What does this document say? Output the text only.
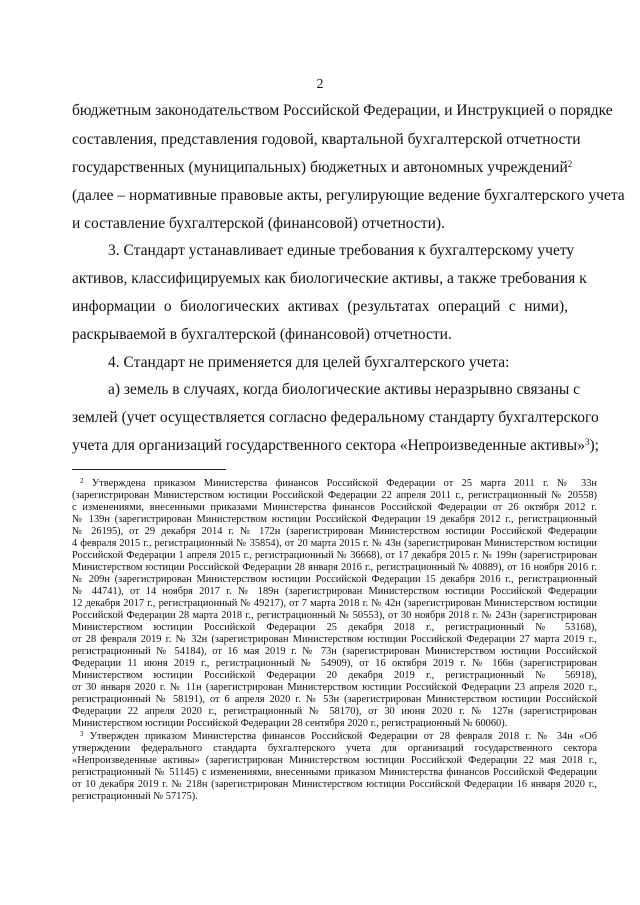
2
бюджетным законодательством Российской Федерации, и Инструкцией о порядке
составления, представления годовой, квартальной бухгалтерской отчетности
государственных (муниципальных) бюджетных и автономных учреждений$^2$
(далее – нормативные правовые акты, регулирующие ведение бухгалтерского учета
и составление бухгалтерской (финансовой) отчетности).
3. Стандарт устанавливает единые требования к бухгалтерскому учету
активов, классифицируемых как биологические активы, а также требования к
информации о биологических активах (результатах операций с ними),
раскрываемой в бухгалтерской (финансовой) отчетности.
4. Стандарт не применяется для целей бухгалтерского учета:
а) земель в случаях, когда биологические активы неразрывно связаны с
землей (учет осуществляется согласно федеральному стандарту бухгалтерского
учета для организаций государственного сектора «Непроизведенные активы»$^3$);
$^2$ Утверждена приказом Министерства финансов Российской Федерации от 25 марта 2011 г. № 33н
(зарегистрирован Министерством юстиции Российской Федерации 22 апреля 2011 г., регистрационный № 20558)
с изменениями, внесенными приказами Министерства финансов Российской Федерации от 26 октября 2012 г.
№ 139н (зарегистрирован Министерством юстиции Российской Федерации 19 декабря 2012 г., регистрационный
№ 26195), от 29 декабря 2014 г. № 172н (зарегистрирован Министерством юстиции Российской Федерации
4 февраля 2015 г., регистрационный № 35854), от 20 марта 2015 г. № 43н (зарегистрирован Министерством юстиции
Российской Федерации 1 апреля 2015 г., регистрационный № 36668), от 17 декабря 2015 г. № 199н (зарегистрирован
Министерством юстиции Российской Федерации 28 января 2016 г., регистрационный № 40889), от 16 ноября 2016 г.
№ 209н (зарегистрирован Министерством юстиции Российской Федерации 15 декабря 2016 г., регистрационный
№ 44741), от 14 ноября 2017 г. № 189н (зарегистрирован Министерством юстиции Российской Федерации
12 декабря 2017 г., регистрационный № 49217), от 7 марта 2018 г. № 42н (зарегистрирован Министерством юстиции
Российской Федерации 28 марта 2018 г., регистрационный № 50553), от 30 ноября 2018 г. № 243н (зарегистрирован
Министерством юстиции Российской Федерации 25 декабря 2018 г., регистрационный № 53168),
от 28 февраля 2019 г. № 32н (зарегистрирован Министерством юстиции Российской Федерации 27 марта 2019 г.,
регистрационный № 54184), от 16 мая 2019 г. № 73н (зарегистрирован Министерством юстиции Российской
Федерации 11 июня 2019 г., регистрационный № 54909), от 16 октября 2019 г. № 166н (зарегистрирован
Министерством юстиции Российской Федерации 20 декабря 2019 г., регистрационный № 56918),
от 30 января 2020 г. № 11н (зарегистрирован Министерством юстиции Российской Федерации 23 апреля 2020 г.,
регистрационный № 58191), от 6 апреля 2020 г. № 53н (зарегистрирован Министерством юстиции Российской
Федерации 22 апреля 2020 г., регистрационный № 58170), от 30 июня 2020 г. № 127н (зарегистрирован
Министерством юстиции Российской Федерации 28 сентября 2020 г., регистрационный № 60060).
$^3$ Утвержден приказом Министерства финансов Российской Федерации от 28 февраля 2018 г. № 34н «Об
утверждении федерального стандарта бухгалтерского учета для организаций государственного сектора
«Непроизведенные активы» (зарегистрирован Министерством юстиции Российской Федерации 22 мая 2018 г.,
регистрационный № 51145) с изменениями, внесенными приказом Министерства финансов Российской Федерации
от 10 декабря 2019 г. № 218н (зарегистрирован Министерством юстиции Российской Федерации 16 января 2020 г.,
регистрационный № 57175).
